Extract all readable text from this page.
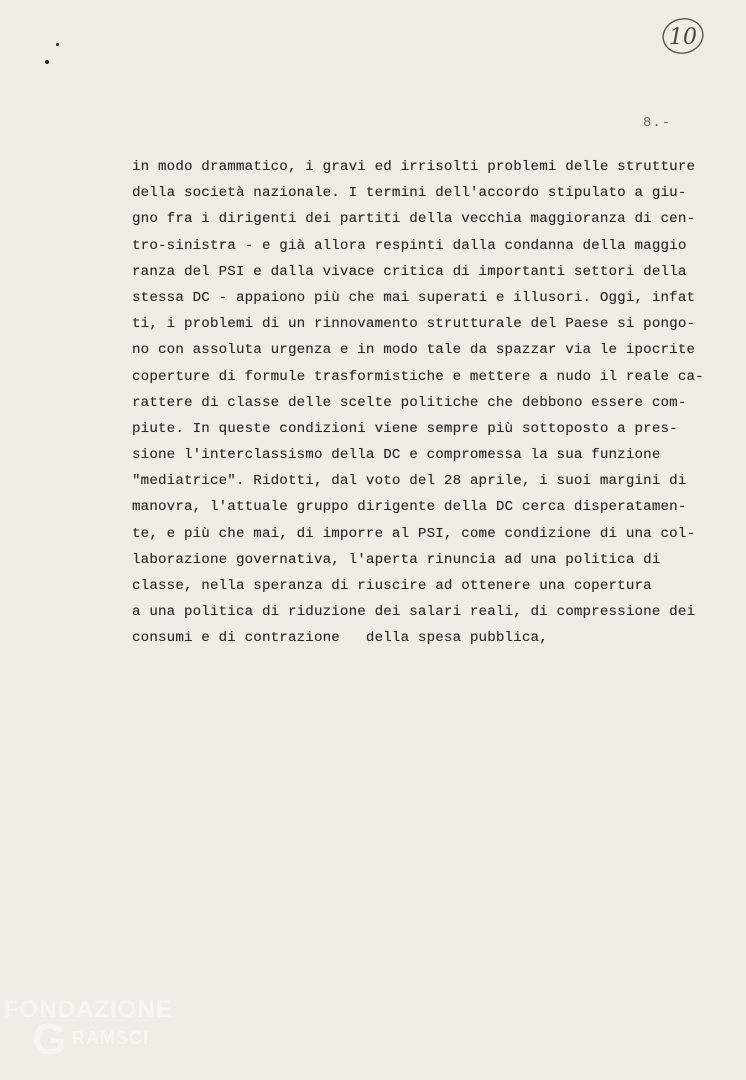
10
8.-
in modo drammatico, i gravi ed irrisolti problemi delle strutture
della società nazionale. I termini dell'accordo stipulato a giu-
gno fra i dirigenti dei partiti della vecchia maggioranza di cen-
tro-sinistra - e già allora respinti dalla condanna della maggio
ranza del PSI e dalla vivace critica di importanti settori della
stessa DC - appaiono più che mai superati e illusori. Oggi, infat
ti, i problemi di un rinnovamento strutturale del Paese si pongo-
no con assoluta urgenza e in modo tale da spazzar via le ipocrite
coperture di formule trasformistiche e mettere a nudo il reale ca-
rattere di classe delle scelte politiche che debbono essere com-
piute. In queste condizioni viene sempre più sottoposto a pres-
sione l'interclassismo della DC e compromessa la sua funzione
"mediatrice". Ridotti, dal voto del 28 aprile, i suoi margini di
manovra, l'attuale gruppo dirigente della DC cerca disperatamen-
te, e più che mai, di imporre al PSI, come condizione di una col-
laborazione governativa, l'aperta rinuncia ad una politica di
classe, nella speranza di riuscire ad ottenere una copertura
a una politica di riduzione dei salari reali, di compressione dei
consumi e di contrazione   della spesa pubblica,
FONDAZIONE
G RAMSCI
